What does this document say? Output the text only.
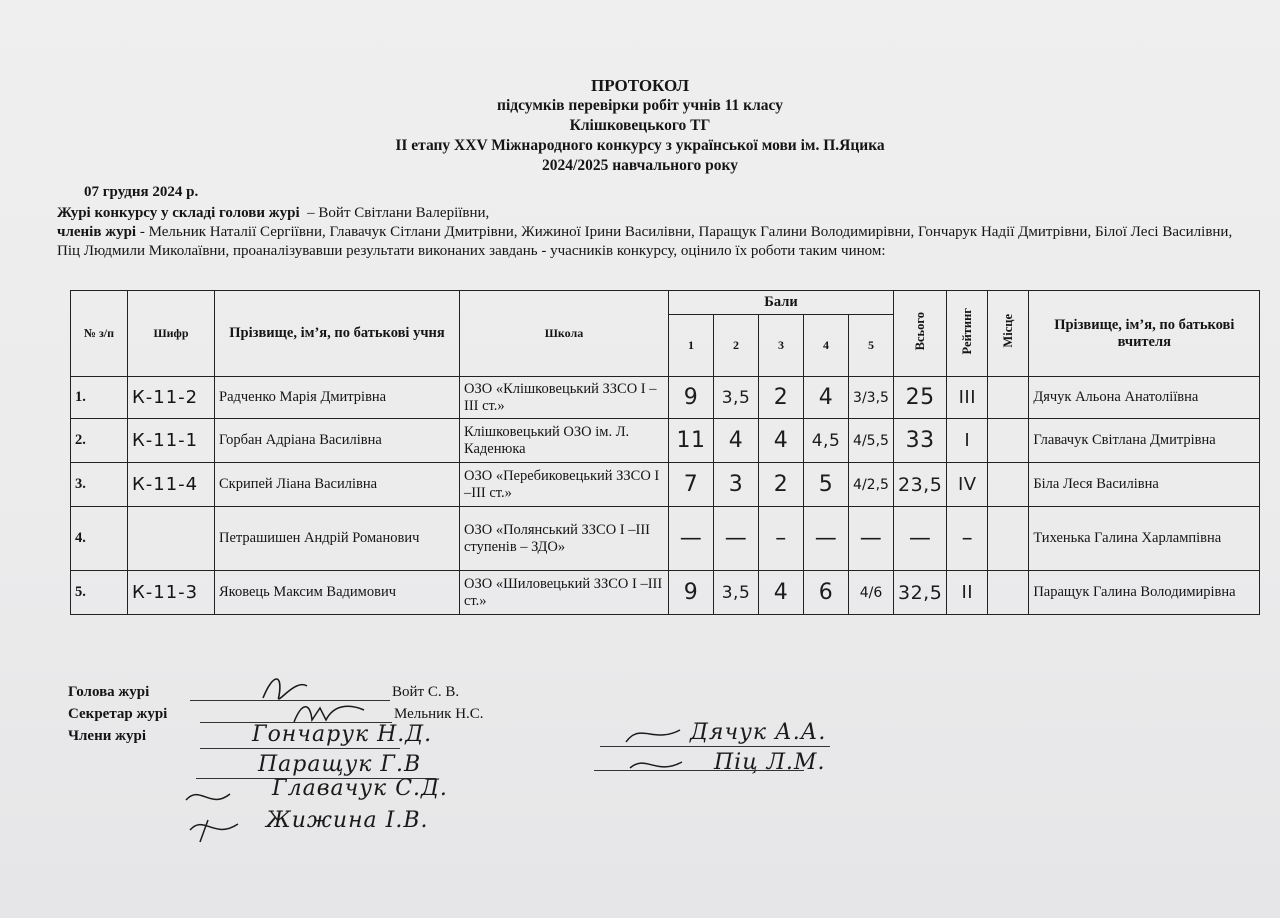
ПРОТОКОЛ
підсумків перевірки робіт учнів 11 класу
Клішковецького ТГ
ІІ етапу XXV Міжнародного конкурсу з української мови ім. П.Яцика
2024/2025 навчального року
07 грудня 2024 р.
Журі конкурсу у складі голови журі – Войт Світлани Валеріївни,
членів журі - Мельник Наталії Сергіївни, Главачук Сітлани Дмитрівни, Жижиної Ірини Василівни, Паращук Галини Володимирівни, Гончарук Надії Дмитрівни, Білої Лесі Василівни, Піц Людмили Миколаївни, проаналізувавши результати виконаних завдань - учасників конкурсу, оцінило їх роботи таким чином:
№ з/п	Шифр	Прізвище, ім’я, по батькові учня	Школа	Бали					Всього	Рейтинг	Місце	Прізвище, ім’я, по батькові вчителя
				1	2	3	4	5				
1.	К-11-2	Радченко Марія Дмитрівна	ОЗО «Клішковецький ЗЗСО І –ІІІ ст.»	9	3,5	2	4	3/3,5	25	ІІІ		Дячук Альона Анатоліївна
2.	К-11-1	Горбан Адріана Василівна	Клішковецький ОЗО ім. Л. Каденюка	11	4	4	4,5	4/5,5	33	І		Главачук Світлана Дмитрівна
3.	К-11-4	Скрипей Ліана Василівна	ОЗО «Перебиковецький ЗЗСО І –ІІІ ст.»	7	3	2	5	4/2,5	23,5	ІV		Біла Леся Василівна
4.		Петрашишен Андрій Романович	ОЗО «Полянський ЗЗСО І –ІІІ ступенів – ЗДО»	—	—	–	—	—	—	–		Тихенька Галина Харлампівна
5.	К-11-3	Яковець Максим Вадимович	ОЗО «Шиловецький ЗЗСО І –ІІІ ст.»	9	3,5	4	6	4/6	32,5	ІІ		Паращук Галина Володимирівна
Голова журі	Войт С. В.
Секретар журі	Мельник Н.С.
Члени журі	Гончарук Н.Д.
Паращук Г.В
Главачук С.Д.
Жижина І.В.
Дячук А.А.
Піц Л.М.
